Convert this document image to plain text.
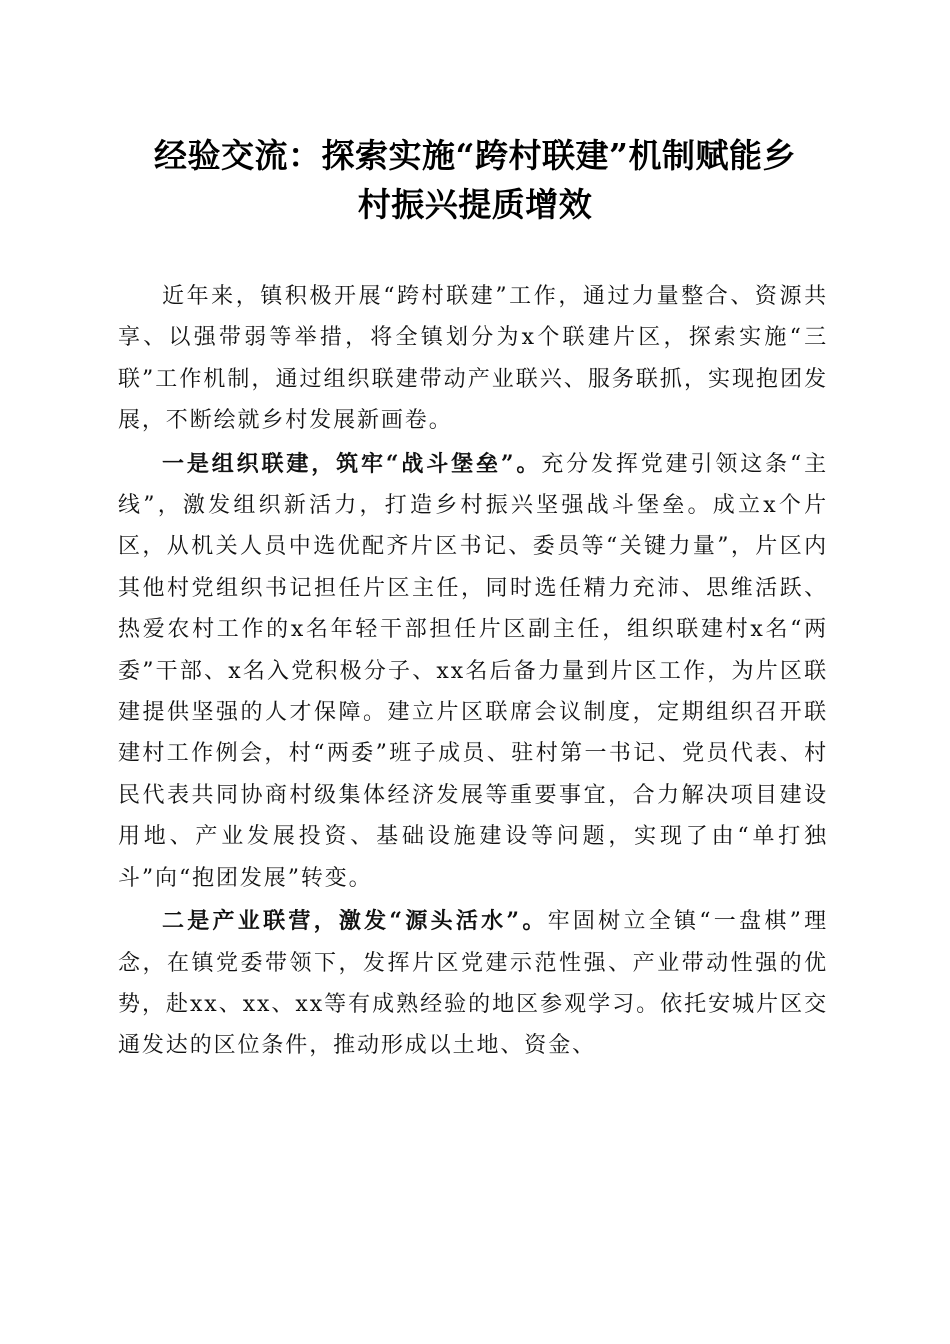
经验交流：探索实施“跨村联建”机制赋能乡
村振兴提质增效

近年来，镇积极开展“跨村联建”工作，通过力量整合、资源共享、以强带弱等举措，将全镇划分为x个联建片区，探索实施“三联”工作机制，通过组织联建带动产业联兴、服务联抓，实现抱团发展，不断绘就乡村发展新画卷。

一是组织联建，筑牢“战斗堡垒”。充分发挥党建引领这条“主线”，激发组织新活力，打造乡村振兴坚强战斗堡垒。成立x个片区，从机关人员中选优配齐片区书记、委员等“关键力量”，片区内其他村党组织书记担任片区主任，同时选任精力充沛、思维活跃、热爱农村工作的x名年轻干部担任片区副主任，组织联建村x名“两委”干部、x名入党积极分子、xx名后备力量到片区工作，为片区联建提供坚强的人才保障。建立片区联席会议制度，定期组织召开联建村工作例会，村“两委”班子成员、驻村第一书记、党员代表、村民代表共同协商村级集体经济发展等重要事宜，合力解决项目建设用地、产业发展投资、基础设施建设等问题，实现了由“单打独斗”向“抱团发展”转变。

二是产业联营，激发“源头活水”。牢固树立全镇“一盘棋”理念，在镇党委带领下，发挥片区党建示范性强、产业带动性强的优势，赴xx、xx、xx等有成熟经验的地区参观学习。依托安城片区交通发达的区位条件，推动形成以土地、资金、
